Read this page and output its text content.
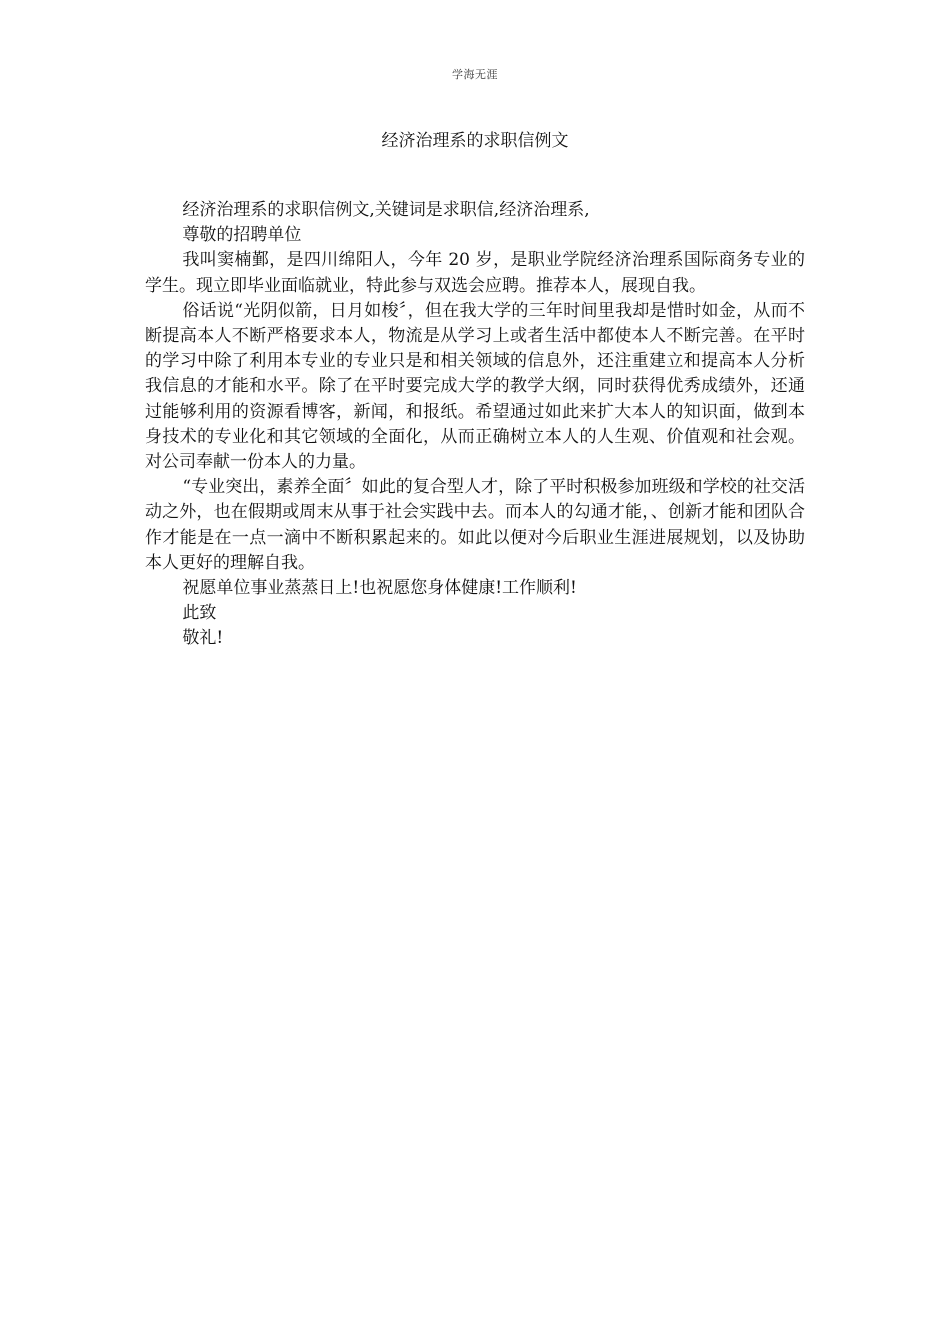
学海无涯
经济治理系的求职信例文

经济治理系的求职信例文,关键词是求职信,经济治理系,

尊敬的招聘单位

我叫窦楠鄞，是四川绵阳人，今年 20 岁，是职业学院经济治理系国际商务专业的学生。现立即毕业面临就业，特此参与双选会应聘。推荐本人，展现自我。

俗话说“光阴似箭，日月如梭〞，但在我大学的三年时间里我却是惜时如金，从而不断提高本人不断严格要求本人，物流是从学习上或者生活中都使本人不断完善。在平时的学习中除了利用本专业的专业只是和相关领域的信息外，还注重建立和提高本人分析我信息的才能和水平。除了在平时要完成大学的教学大纲，同时获得优秀成绩外，还通过能够利用的资源看博客，新闻，和报纸。希望通过如此来扩大本人的知识面，做到本身技术的专业化和其它领域的全面化，从而正确树立本人的人生观、价值观和社会观。对公司奉献一份本人的力量。

“专业突出，素养全面〞如此的复合型人才，除了平时积极参加班级和学校的社交活动之外，也在假期或周末从事于社会实践中去。而本人的勾通才能，、创新才能和团队合作才能是在一点一滴中不断积累起来的。如此以便对今后职业生涯进展规划，以及协助本人更好的理解自我。

祝愿单位事业蒸蒸日上!也祝愿您身体健康!工作顺利!

此致

敬礼!
